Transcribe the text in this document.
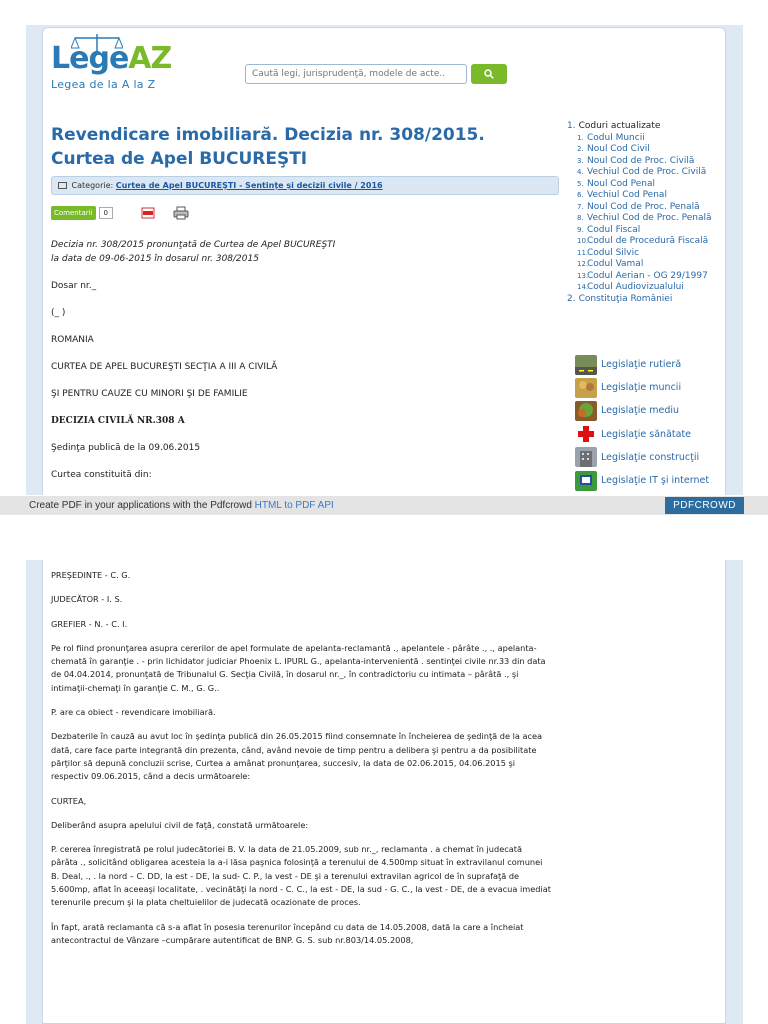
LegeAZ
Legea de la A la Z
Caută legi, jurisprudenţă, modele de acte..
Revendicare imobiliară. Decizia nr. 308/2015. Curtea de Apel BUCUREŞTI
Categorie: Curtea de Apel BUCUREŞTI - Sentinţe şi decizii civile / 2016
Comentarii	0

Decizia nr. 308/2015 pronunţată de Curtea de Apel BUCUREŞTI la data de 09-06-2015 în dosarul nr. 308/2015

Dosar nr._

(_ )

ROMANIA

CURTEA DE APEL BUCUREŞTI SECŢIA A III A CIVILĂ

ŞI PENTRU CAUZE CU MINORI ŞI DE FAMILIE

DECIZIA CIVILĂ NR.308 A

Şedinţa publică de la 09.06.2015

Curtea constituită din:

1. Coduri actualizate
1. Codul Muncii
2. Noul Cod Civil
3. Noul Cod de Proc. Civilă
4. Vechiul Cod de Proc. Civilă
5. Noul Cod Penal
6. Vechiul Cod Penal
7. Noul Cod de Proc. Penală
8. Vechiul Cod de Proc. Penală
9. Codul Fiscal
10.
Codul de Procedură Fiscală
11.
Codul Silvic
12.
Codul Vamal
13.
Codul Aerian - OG 29/1997
14.
Codul Audiovizualului
2. Constituţia României
Legislaţie rutieră
Legislaţie muncii
Legislaţie mediu
Legislaţie sănătate
Legislaţie construcţii
Legislaţie IT şi internet
Create PDF in your applications with the Pdfcrowd HTML to PDF API	PDFCROWD

PREŞEDINTE - C. G.

JUDECĂTOR - I. S.

GREFIER - N. - C. I.

Pe rol fiind pronunţarea asupra cererilor de apel formulate de apelanta-reclamantă ., apelantele - pârâte ., ., apelanta-chemată în garanţie . - prin lichidator judiciar Phoenix L. IPURL G., apelanta-intervenientă . sentinţei civile nr.33 din data de 04.04.2014, pronunţată de Tribunalul G. Secţia Civilă, în dosarul nr._, în contradictoriu cu intimata – pârâtă ., şi intimaţii-chemaţi în garanţie C. M., G. G..

P. are ca obiect - revendicare imobiliară.

Dezbaterile în cauză au avut loc în şedinţa publică din 26.05.2015 fiind consemnate în încheierea de şedinţă de la acea dată, care face parte integrantă din prezenta, când, având nevoie de timp pentru a delibera şi pentru a da posibilitate părţilor să depună concluzii scrise, Curtea a amânat pronunţarea, succesiv, la data de 02.06.2015, 04.06.2015 şi respectiv 09.06.2015, când a decis următoarele:

CURTEA,

Deliberând asupra apelului civil de faţă, constată următoarele:

P. cererea înregistrată pe rolul judecătoriei B. V. la data de 21.05.2009, sub nr._, reclamanta . a chemat în judecată pârâta ., solicitând obligarea acesteia la a-i lăsa paşnica folosinţă a terenului de 4.500mp situat în extravilanul comunei B. Deal, ., . la nord – C. DD, la est - DE, la sud- C. P., la vest - DE şi a terenului extravilan agricol de în suprafaţă de 5.600mp, aflat în aceeaşi localitate, . vecinătăţi la nord - C. C., la est - DE, la sud - G. C., la vest - DE, de a evacua imediat terenurile precum şi la plata cheltuielilor de judecată ocazionate de proces.

În fapt, arată reclamanta că s-a aflat în posesia terenurilor începând cu data de 14.05.2008, dată la care a încheiat antecontractul de Vânzare –cumpărare autentificat de BNP. G. S. sub nr.803/14.05.2008,
